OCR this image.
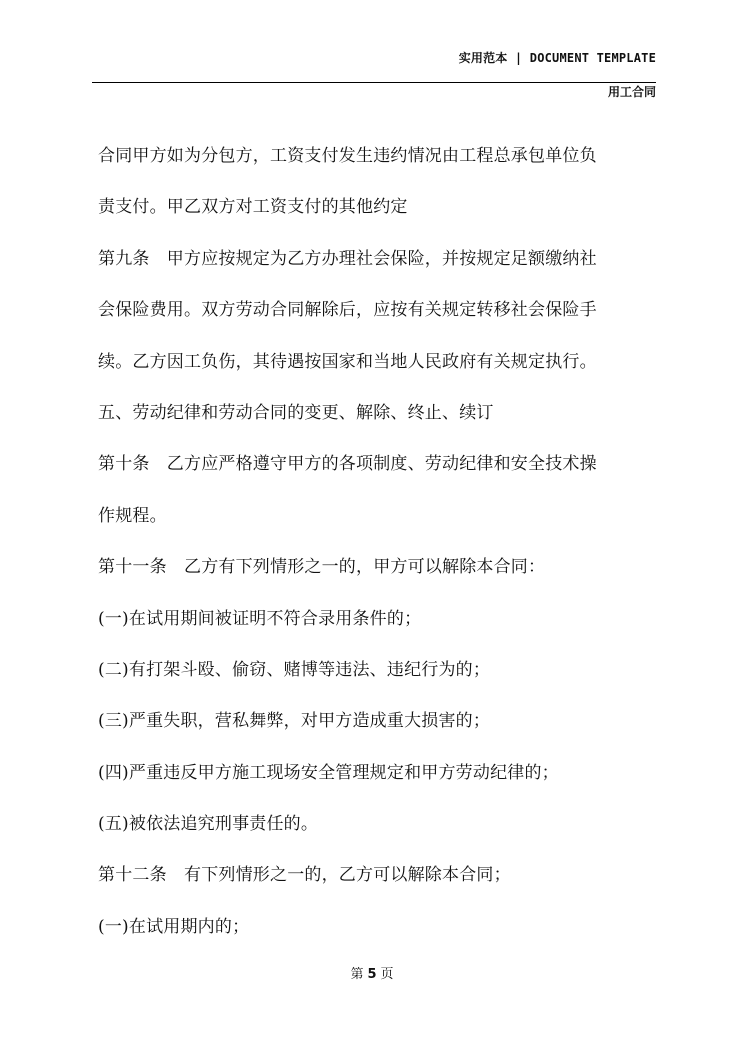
实用范本 | DOCUMENT TEMPLATE
用工合同
合同甲方如为分包方，工资支付发生违约情况由工程总承包单位负
责支付。甲乙双方对工资支付的其他约定
第九条　甲方应按规定为乙方办理社会保险，并按规定足额缴纳社
会保险费用。双方劳动合同解除后，应按有关规定转移社会保险手
续。乙方因工负伤，其待遇按国家和当地人民政府有关规定执行。
五、劳动纪律和劳动合同的变更、解除、终止、续订
第十条　乙方应严格遵守甲方的各项制度、劳动纪律和安全技术操
作规程。
第十一条　乙方有下列情形之一的，甲方可以解除本合同：
(一)在试用期间被证明不符合录用条件的；
(二)有打架斗殴、偷窃、赌博等违法、违纪行为的；
(三)严重失职，营私舞弊，对甲方造成重大损害的；
(四)严重违反甲方施工现场安全管理规定和甲方劳动纪律的；
(五)被依法追究刑事责任的。
第十二条　有下列情形之一的，乙方可以解除本合同；
(一)在试用期内的；
第 5 页
